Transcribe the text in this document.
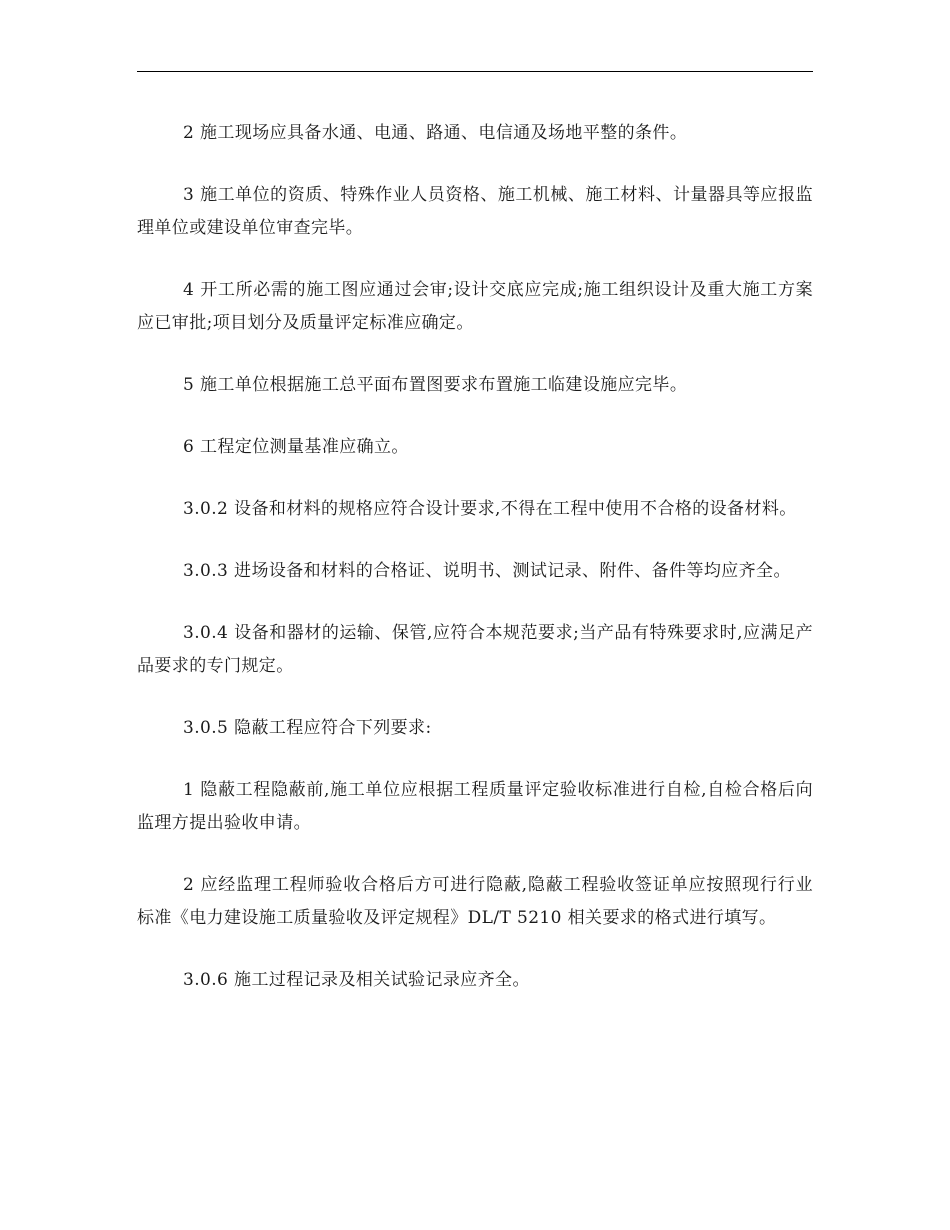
2 施工现场应具备水通、电通、路通、电信通及场地平整的条件。

3 施工单位的资质、特殊作业人员资格、施工机械、施工材料、计量器具等应报监理单位或建设单位审查完毕。

4 开工所必需的施工图应通过会审;设计交底应完成;施工组织设计及重大施工方案应已审批;项目划分及质量评定标准应确定。

5 施工单位根据施工总平面布置图要求布置施工临建设施应完毕。

6 工程定位测量基准应确立。

3.0.2 设备和材料的规格应符合设计要求,不得在工程中使用不合格的设备材料。

3.0.3 进场设备和材料的合格证、说明书、测试记录、附件、备件等均应齐全。

3.0.4 设备和器材的运输、保管,应符合本规范要求;当产品有特殊要求时,应满足产品要求的专门规定。

3.0.5 隐蔽工程应符合下列要求:

1 隐蔽工程隐蔽前,施工单位应根据工程质量评定验收标准进行自检,自检合格后向监理方提出验收申请。

2 应经监理工程师验收合格后方可进行隐蔽,隐蔽工程验收签证单应按照现行行业标准《电力建设施工质量验收及评定规程》DL/T 5210 相关要求的格式进行填写。

3.0.6 施工过程记录及相关试验记录应齐全。
